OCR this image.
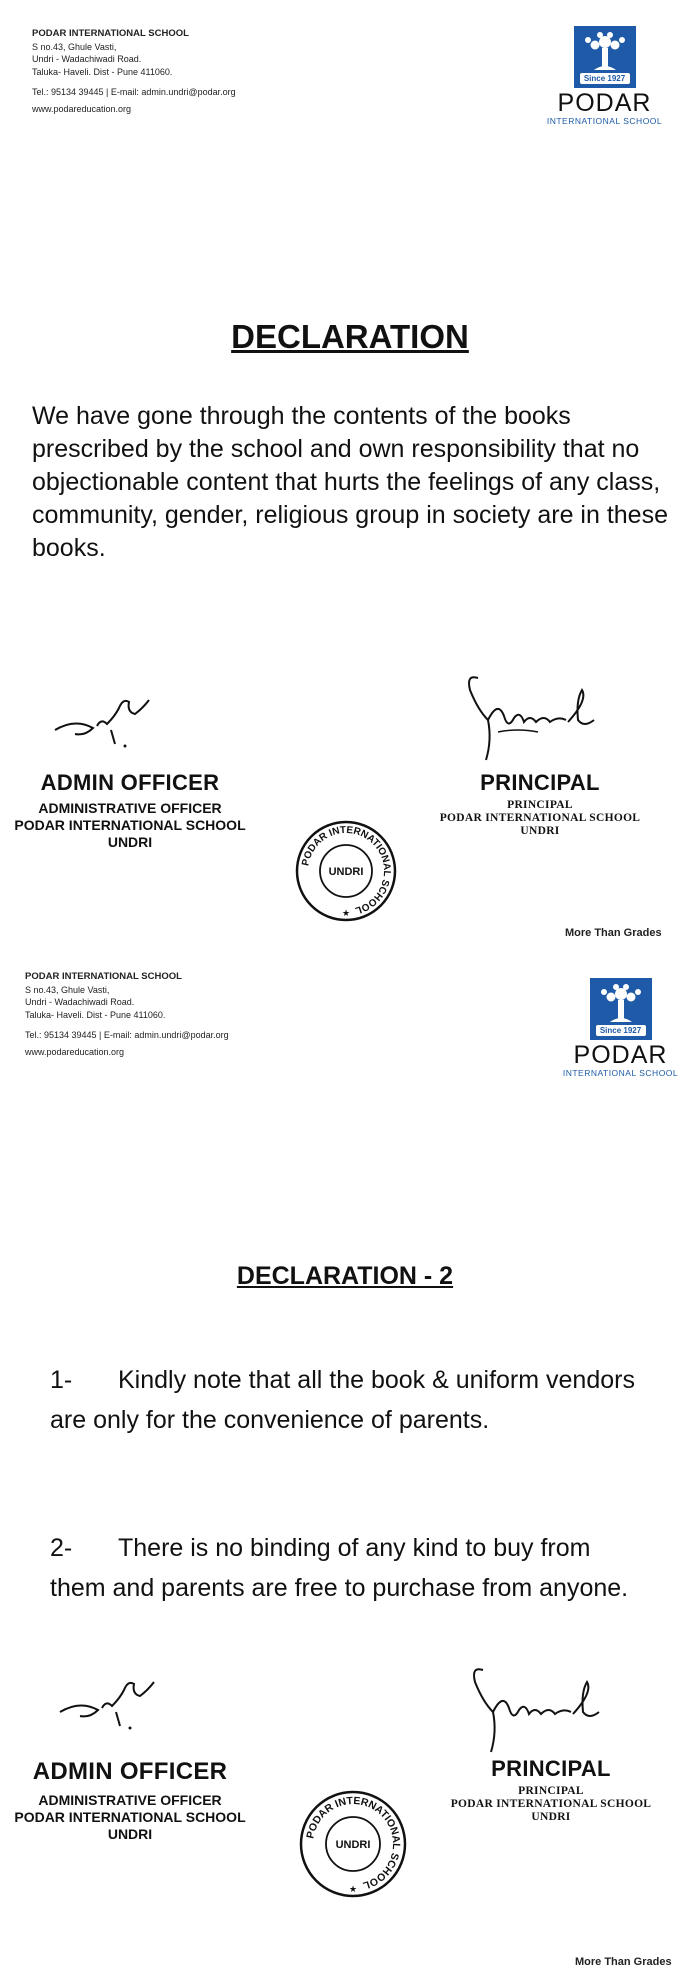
PODAR INTERNATIONAL SCHOOL
S no.43, Ghule Vasti,
Undri - Wadachiwadi Road.
Taluka- Haveli. Dist - Pune 411060.
Tel.: 95134 39445 | E-mail: admin.undri@podar.org
www.podareducation.org
Since 1927
PODAR
INTERNATIONAL SCHOOL
DECLARATION
We have gone through the contents of the books prescribed by the school and own responsibility that no objectionable content that hurts the feelings of any class, community, gender, religious group in society are in these books.
ADMIN OFFICER
ADMINISTRATIVE OFFICER
PODAR INTERNATIONAL SCHOOL
UNDRI
PRINCIPAL
PRINCIPAL
PODAR INTERNATIONAL SCHOOL
UNDRI
PODAR INTERNATIONAL SCHOOL
UNDRI
★
More Than Grades
PODAR INTERNATIONAL SCHOOL
S no.43, Ghule Vasti,
Undri - Wadachiwadi Road.
Taluka- Haveli. Dist - Pune 411060.
Tel.: 95134 39445 | E-mail: admin.undri@podar.org
www.podareducation.org
Since 1927
PODAR
INTERNATIONAL SCHOOL
DECLARATION - 2
1- Kindly note that all the book & uniform vendors are only for the convenience of parents.
2- There is no binding of any kind to buy from them and parents are free to purchase from anyone.
ADMIN OFFICER
ADMINISTRATIVE OFFICER
PODAR INTERNATIONAL SCHOOL
UNDRI
PRINCIPAL
PRINCIPAL
PODAR INTERNATIONAL SCHOOL
UNDRI
PODAR INTERNATIONAL SCHOOL
UNDRI
★
More Than Grades
